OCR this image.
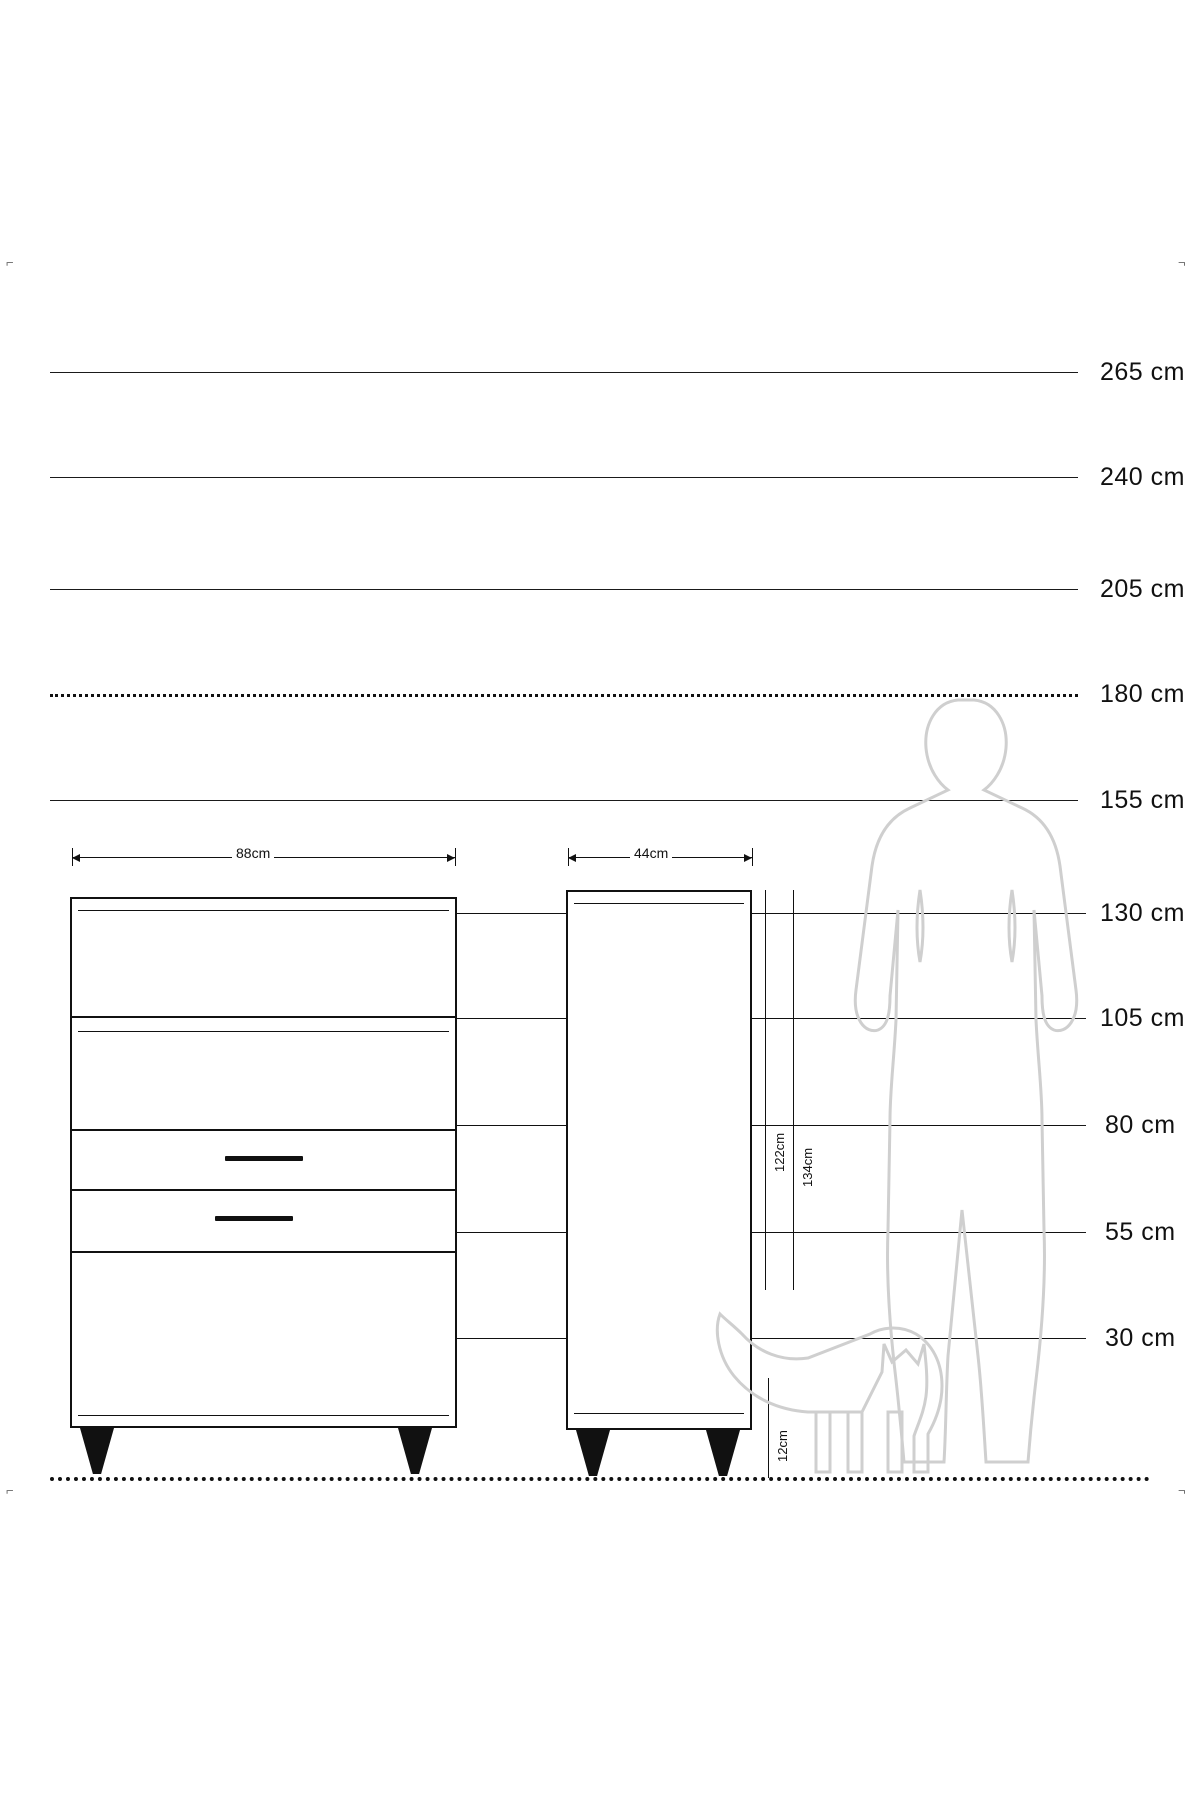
⌐	¬
⌐	¬
265 cm
240 cm
205 cm
180 cm
155 cm
130 cm
105 cm
80 cm
55 cm
30 cm
88cm	44cm
122cm 134cm
12cm
